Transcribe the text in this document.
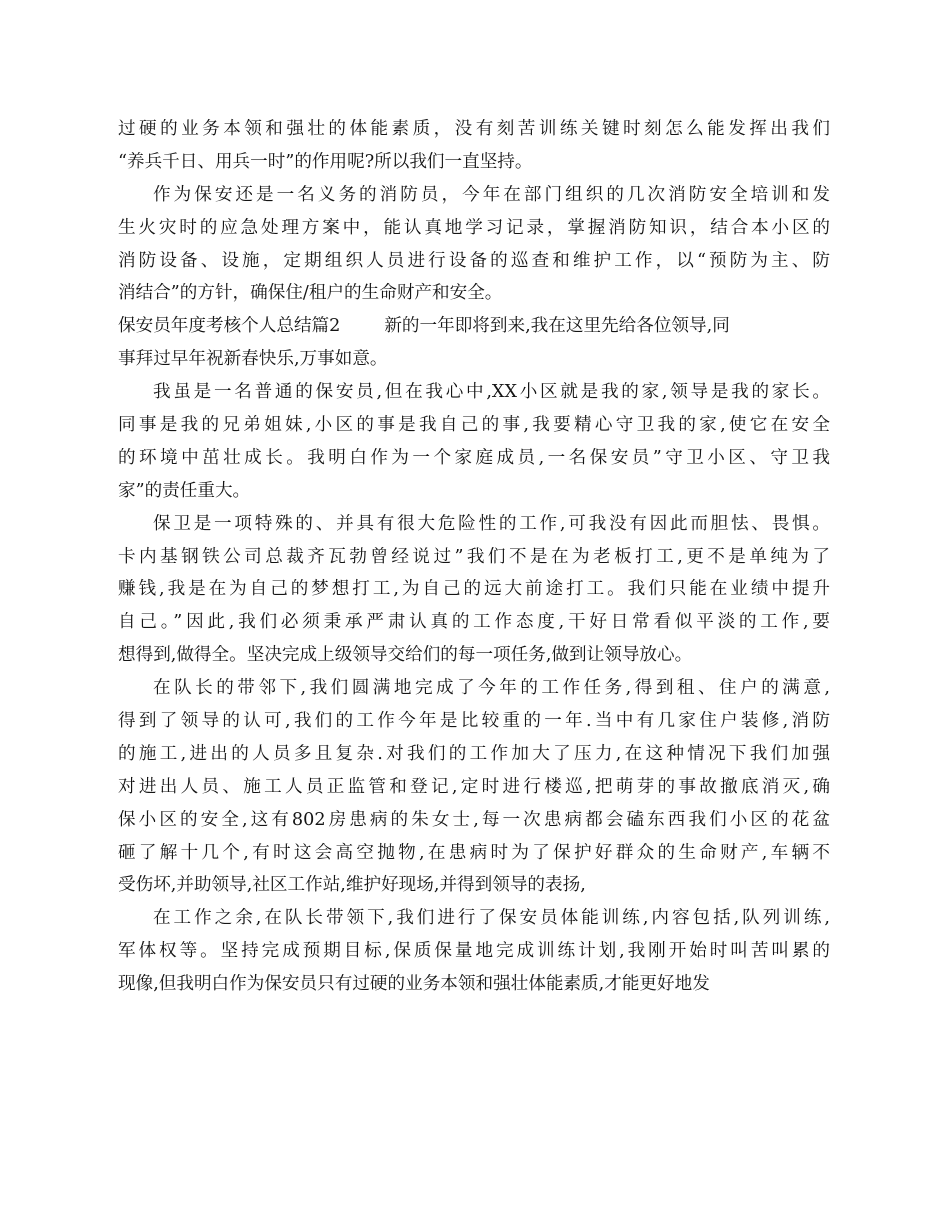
过硬的业务本领和强壮的体能素质，没有刻苦训练关键时刻怎么能发挥出我们
“养兵千日、用兵一时”的作用呢?所以我们一直坚持。
作为保安还是一名义务的消防员，今年在部门组织的几次消防安全培训和发
生火灾时的应急处理方案中，能认真地学习记录，掌握消防知识，结合本小区的
消防设备、设施，定期组织人员进行设备的巡查和维护工作，以“预防为主、防
消结合”的方针，确保住/租户的生命财产和安全。
保安员年度考核个人总结篇2	新的一年即将到来,我在这里先给各位领导,同
事拜过早年祝新春快乐,万事如意。
我虽是一名普通的保安员,但在我心中,XX小区就是我的家,领导是我的家长。
同事是我的兄弟姐妹,小区的事是我自己的事,我要精心守卫我的家,使它在安全
的环境中茁壮成长。我明白作为一个家庭成员,一名保安员”守卫小区、守卫我
家”的责任重大。
保卫是一项特殊的、并具有很大危险性的工作,可我没有因此而胆怯、畏惧。
卡内基钢铁公司总裁齐瓦勃曾经说过”我们不是在为老板打工,更不是单纯为了
赚钱,我是在为自己的梦想打工,为自己的远大前途打工。我们只能在业绩中提升
自己。”因此,我们必须秉承严肃认真的工作态度,干好日常看似平淡的工作,要
想得到,做得全。坚决完成上级领导交给们的每一项任务,做到让领导放心。
在队长的带邻下,我们圆满地完成了今年的工作任务,得到租、住户的满意,
得到了领导的认可,我们的工作今年是比较重的一年.当中有几家住户装修,消防
的施工,进出的人员多且复杂.对我们的工作加大了压力,在这种情况下我们加强
对进出人员、施工人员正监管和登记,定时进行楼巡,把萌芽的事故撤底消灭,确
保小区的安全,这有802房患病的朱女士,每一次患病都会磕东西我们小区的花盆
砸了解十几个,有时这会高空抛物,在患病时为了保护好群众的生命财产,车辆不
受伤坏,并助领导,社区工作站,维护好现场,并得到领导的表扬,
在工作之余,在队长带领下,我们进行了保安员体能训练,内容包括,队列训练,
军体权等。坚持完成预期目标,保质保量地完成训练计划,我刚开始时叫苦叫累的
现像,但我明白作为保安员只有过硬的业务本领和强壮体能素质,才能更好地发
